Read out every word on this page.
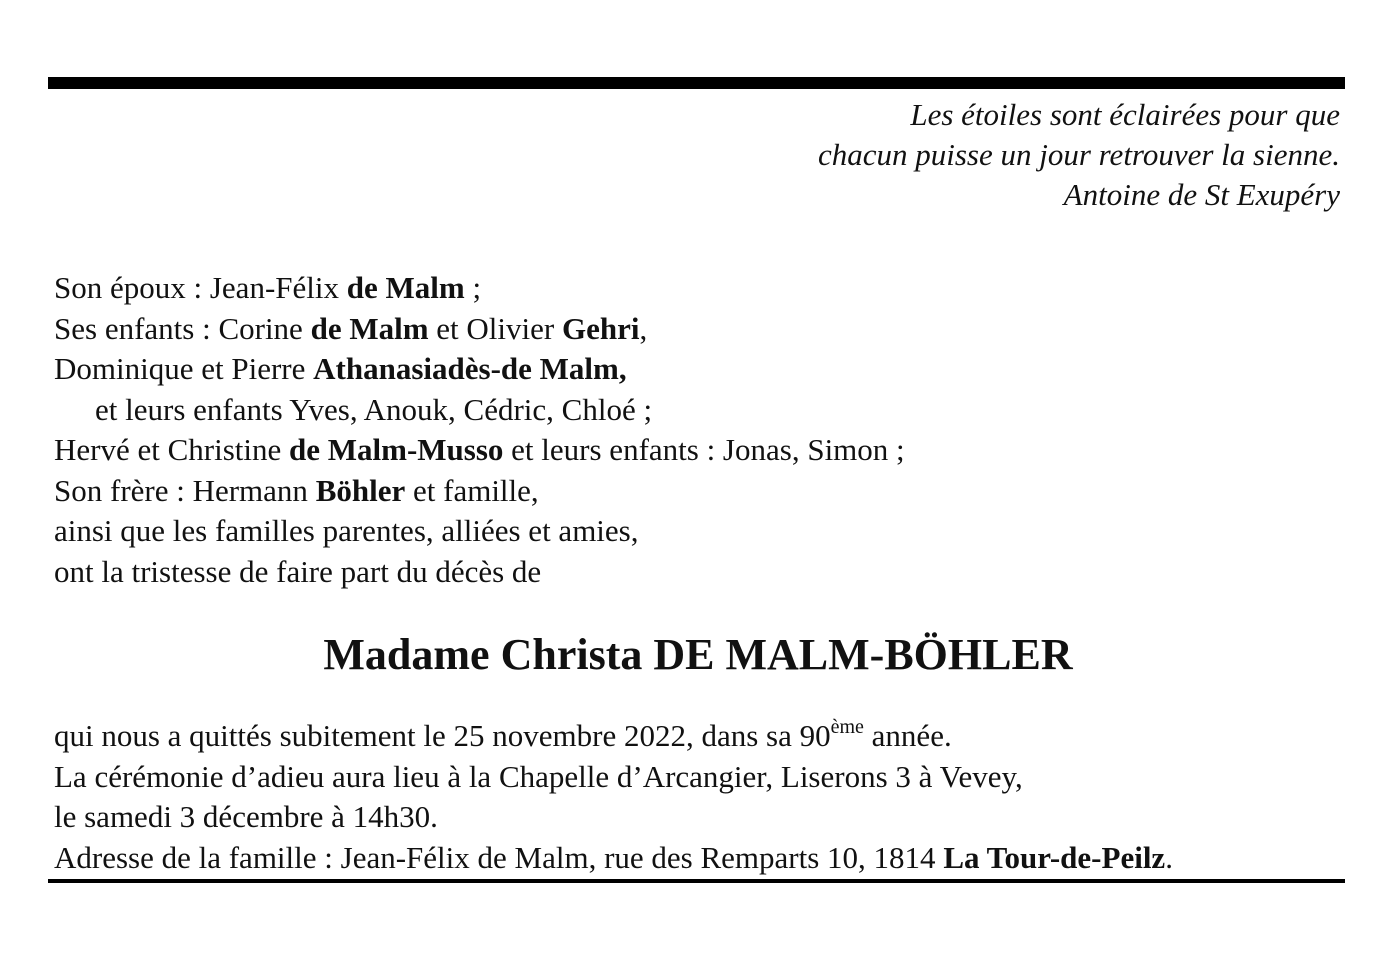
Les étoiles sont éclairées pour que
chacun puisse un jour retrouver la sienne.
Antoine de St Exupéry
Son époux : Jean-Félix de Malm ;
Ses enfants : Corine de Malm et Olivier Gehri,
Dominique et Pierre Athanasiadès-de Malm,
et leurs enfants Yves, Anouk, Cédric, Chloé ;
Hervé et Christine de Malm-Musso et leurs enfants : Jonas, Simon ;
Son frère : Hermann Böhler et famille,
ainsi que les familles parentes, alliées et amies,
ont la tristesse de faire part du décès de
Madame Christa DE MALM-BÖHLER
qui nous a quittés subitement le 25 novembre 2022, dans sa 90ème année.
La cérémonie d’adieu aura lieu à la Chapelle d’Arcangier, Liserons 3 à Vevey,
le samedi 3 décembre à 14h30.
Adresse de la famille : Jean-Félix de Malm, rue des Remparts 10, 1814 La Tour-de-Peilz.
